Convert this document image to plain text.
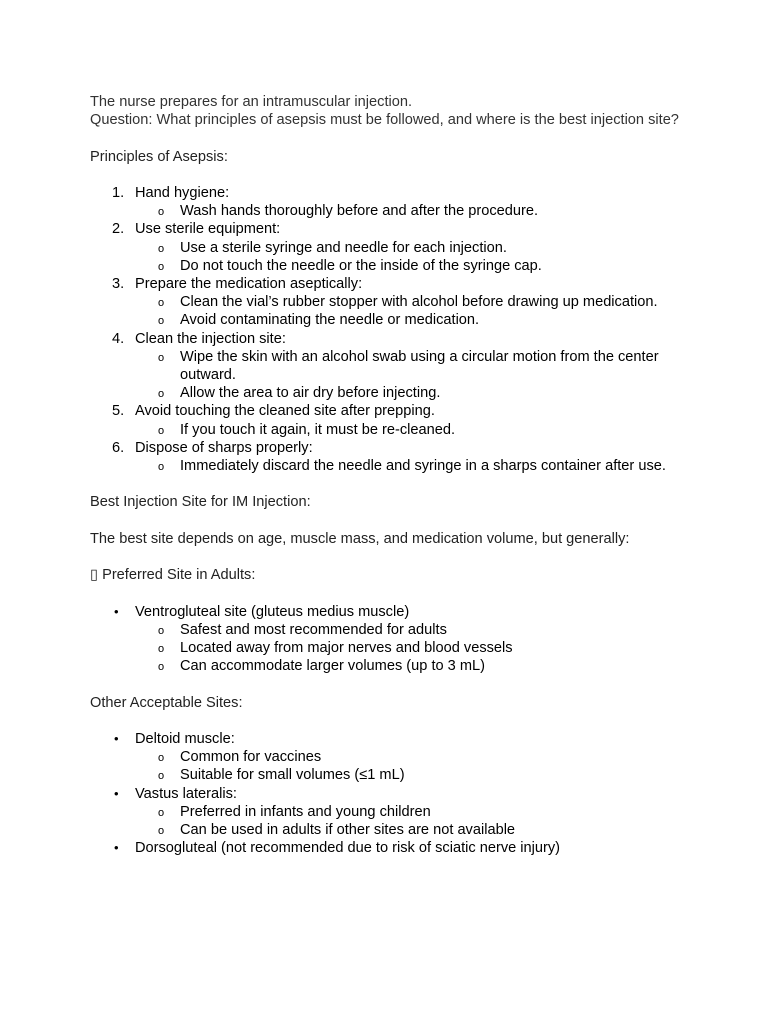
The nurse prepares for an intramuscular injection.

Question: What principles of asepsis must be followed, and where is the best injection site?

Principles of Asepsis:

1. Hand hygiene:
o Wash hands thoroughly before and after the procedure.
2. Use sterile equipment:
o Use a sterile syringe and needle for each injection.
o Do not touch the needle or the inside of the syringe cap.
3. Prepare the medication aseptically:
o Clean the vial’s rubber stopper with alcohol before drawing up medication.
o Avoid contaminating the needle or medication.
4. Clean the injection site:
o Wipe the skin with an alcohol swab using a circular motion from the center outward.
o Allow the area to air dry before injecting.
5. Avoid touching the cleaned site after prepping.
o If you touch it again, it must be re-cleaned.
6. Dispose of sharps properly:
o Immediately discard the needle and syringe in a sharps container after use.

Best Injection Site for IM Injection:

The best site depends on age, muscle mass, and medication volume, but generally:

▯ Preferred Site in Adults:

• Ventrogluteal site (gluteus medius muscle)
o Safest and most recommended for adults
o Located away from major nerves and blood vessels
o Can accommodate larger volumes (up to 3 mL)

Other Acceptable Sites:

• Deltoid muscle:
o Common for vaccines
o Suitable for small volumes (≤1 mL)
• Vastus lateralis:
o Preferred in infants and young children
o Can be used in adults if other sites are not available
• Dorsogluteal (not recommended due to risk of sciatic nerve injury)
